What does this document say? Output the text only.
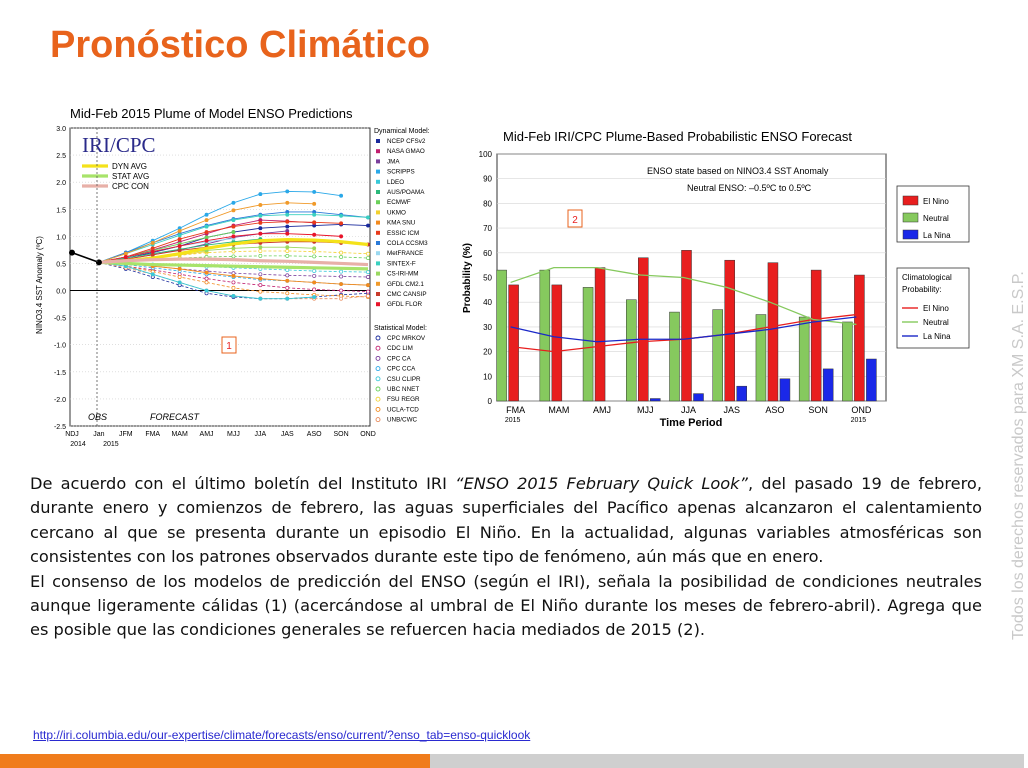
Pronóstico Climático
Mid-Feb 2015 Plume of Model ENSO Predictions
NINO3.4 SST Anomaly (ºC)
3.0
2.5
2.0
1.5
1.0
0.5
0.0
-0.5
-1.0
-1.5
-2.0
-2.5
NDJ Jan JFM FMA MAM AMJ MJJ JJA JAS ASO SON OND
2014 2015
IRI/CPC
DYN AVG
STAT AVG
CPC CON
OBS	FORECAST
Dynamical Model:
NCEP CFSv2
NASA GMAO
JMA
SCRIPPS
LDEO
AUS/POAMA
ECMWF
UKMO
KMA SNU
ESSIC ICM
COLA CCSM3
MetFRANCE
SINTEX-F
CS-IRI-MM
GFDL CM2.1
CMC CANSIP
GFDL FLOR
Statistical Model:
CPC MRKOV
CDC LIM
CPC CA
CPC CCA
CSU CLIPR
UBC NNET
FSU REGR
UCLA-TCD
UNB/CWC
1
Mid-Feb IRI/CPC Plume-Based Probabilistic ENSO Forecast
Probability (%)
0
10
20
30
40
50
60
70
80
90
100
ENSO state based on NINO3.4 SST Anomaly
Neutral ENSO: –0.5ºC to 0.5ºC
FMA
2015
MAM	AMJ	MJJ	JJA	JAS	ASO	SON	OND
2015
Time Period
2
El Nino
Neutral
La Nina
Climatological
Probability:
El Nino
Neutral
La Nina

De acuerdo con el último boletín del Instituto IRI “ENSO 2015 February Quick Look”, del pasado 19 de febrero, durante enero y comienzos de febrero, las aguas superficiales del Pacífico apenas alcanzaron el calentamiento cercano al que se presenta durante un episodio El Niño. En la actualidad, algunas variables atmosféricas son consistentes con los patrones observados durante este tipo de fenómeno, aún más que en enero.

El consenso de los modelos de predicción del ENSO (según el IRI), señala la posibilidad de condiciones neutrales aunque ligeramente cálidas (1) (acercándose al umbral de El Niño durante los meses de febrero-abril). Agrega que es posible que las condiciones generales se refuercen hacia mediados de 2015 (2).

http://iri.columbia.edu/our-expertise/climate/forecasts/enso/current/?enso_tab=enso-quicklook
Todos los derechos reservados para XM S.A. E.S.P.
